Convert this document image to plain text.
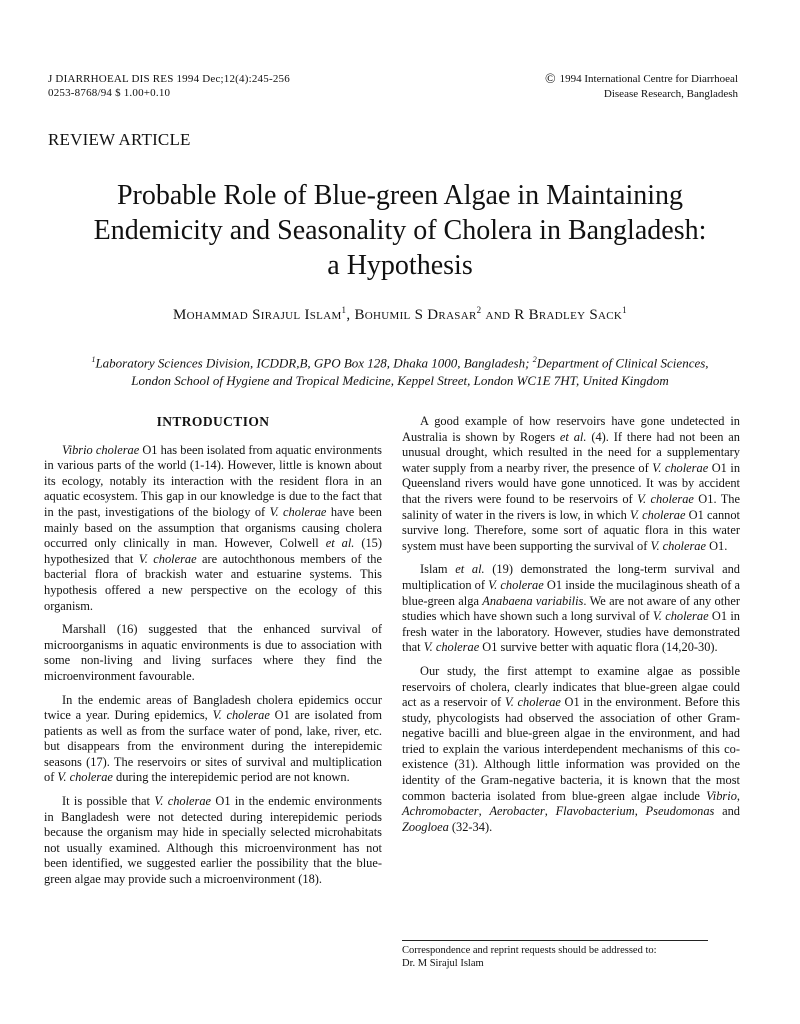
J DIARRHOEAL DIS RES 1994 Dec;12(4):245-256
0253-8768/94 $ 1.00+0.10
© 1994 International Centre for Diarrhoeal
Disease Research, Bangladesh
REVIEW ARTICLE
Probable Role of Blue-green Algae in Maintaining
Endemicity and Seasonality of Cholera in Bangladesh:
a Hypothesis
Mohammad Sirajul Islam$^1$, Bohumil S Drasar$^2$ and R Bradley Sack$^1$
$^1$Laboratory Sciences Division, ICDDR,B, GPO Box 128, Dhaka 1000, Bangladesh; $^2$Department of Clinical Sciences,
London School of Hygiene and Tropical Medicine, Keppel Street, London WC1E 7HT, United Kingdom
INTRODUCTION

Vibrio cholerae O1 has been isolated from aquatic environments in various parts of the world (1-14). However, little is known about its ecology, notably its interaction with the resident flora in an aquatic ecosystem. This gap in our knowledge is due to the fact that in the past, investigations of the biology of V. cholerae have been mainly based on the assumption that organisms causing cholera occurred only clinically in man. However, Colwell et al. (15) hypothesized that V. cholerae are autochthonous members of the bacterial flora of brackish water and estuarine systems. This hypothesis offered a new perspective on the ecology of this organism.

Marshall (16) suggested that the enhanced survival of microorganisms in aquatic environments is due to association with some non-living and living surfaces where they find the microenvironment favourable.

In the endemic areas of Bangladesh cholera epidemics occur twice a year. During epidemics, V. cholerae O1 are isolated from patients as well as from the surface water of pond, lake, river, etc. but disappears from the environment during the interepidemic seasons (17). The reservoirs or sites of survival and multiplication of V. cholerae during the interepidemic period are not known.

It is possible that V. cholerae O1 in the endemic environments in Bangladesh were not detected during interepidemic periods because the organism may hide in specially selected microhabitats not usually examined. Although this microenvironment has not been identified, we suggested earlier the possibility that the blue-green algae may provide such a microenvironment (18).

A good example of how reservoirs have gone undetected in Australia is shown by Rogers et al. (4). If there had not been an unusual drought, which resulted in the need for a supplementary water supply from a nearby river, the presence of V. cholerae O1 in Queensland rivers would have gone unnoticed. It was by accident that the rivers were found to be reservoirs of V. cholerae O1. The salinity of water in the rivers is low, in which V. cholerae O1 cannot survive long. Therefore, some sort of aquatic flora in this water system must have been supporting the survival of V. cholerae O1.

Islam et al. (19) demonstrated the long-term survival and multiplication of V. cholerae O1 inside the mucilaginous sheath of a blue-green alga Anabaena variabilis. We are not aware of any other studies which have shown such a long survival of V. cholerae O1 in fresh water in the laboratory. However, studies have demonstrated that V. cholerae O1 survive better with aquatic flora (14,20-30).

Our study, the first attempt to examine algae as possible reservoirs of cholera, clearly indicates that blue-green algae could act as a reservoir of V. cholerae O1 in the environment. Before this study, phycologists had observed the association of other Gram-negative bacilli and blue-green algae in the environment, and had tried to explain the various interdependent mechanisms of this co-existence (31). Although little information was provided on the identity of the Gram-negative bacteria, it is known that the most common bacteria isolated from blue-green algae include Vibrio, Achromobacter, Aerobacter, Flavobacterium, Pseudomonas and Zoogloea (32-34).

Correspondence and reprint requests should be addressed to:
Dr. M Sirajul Islam
